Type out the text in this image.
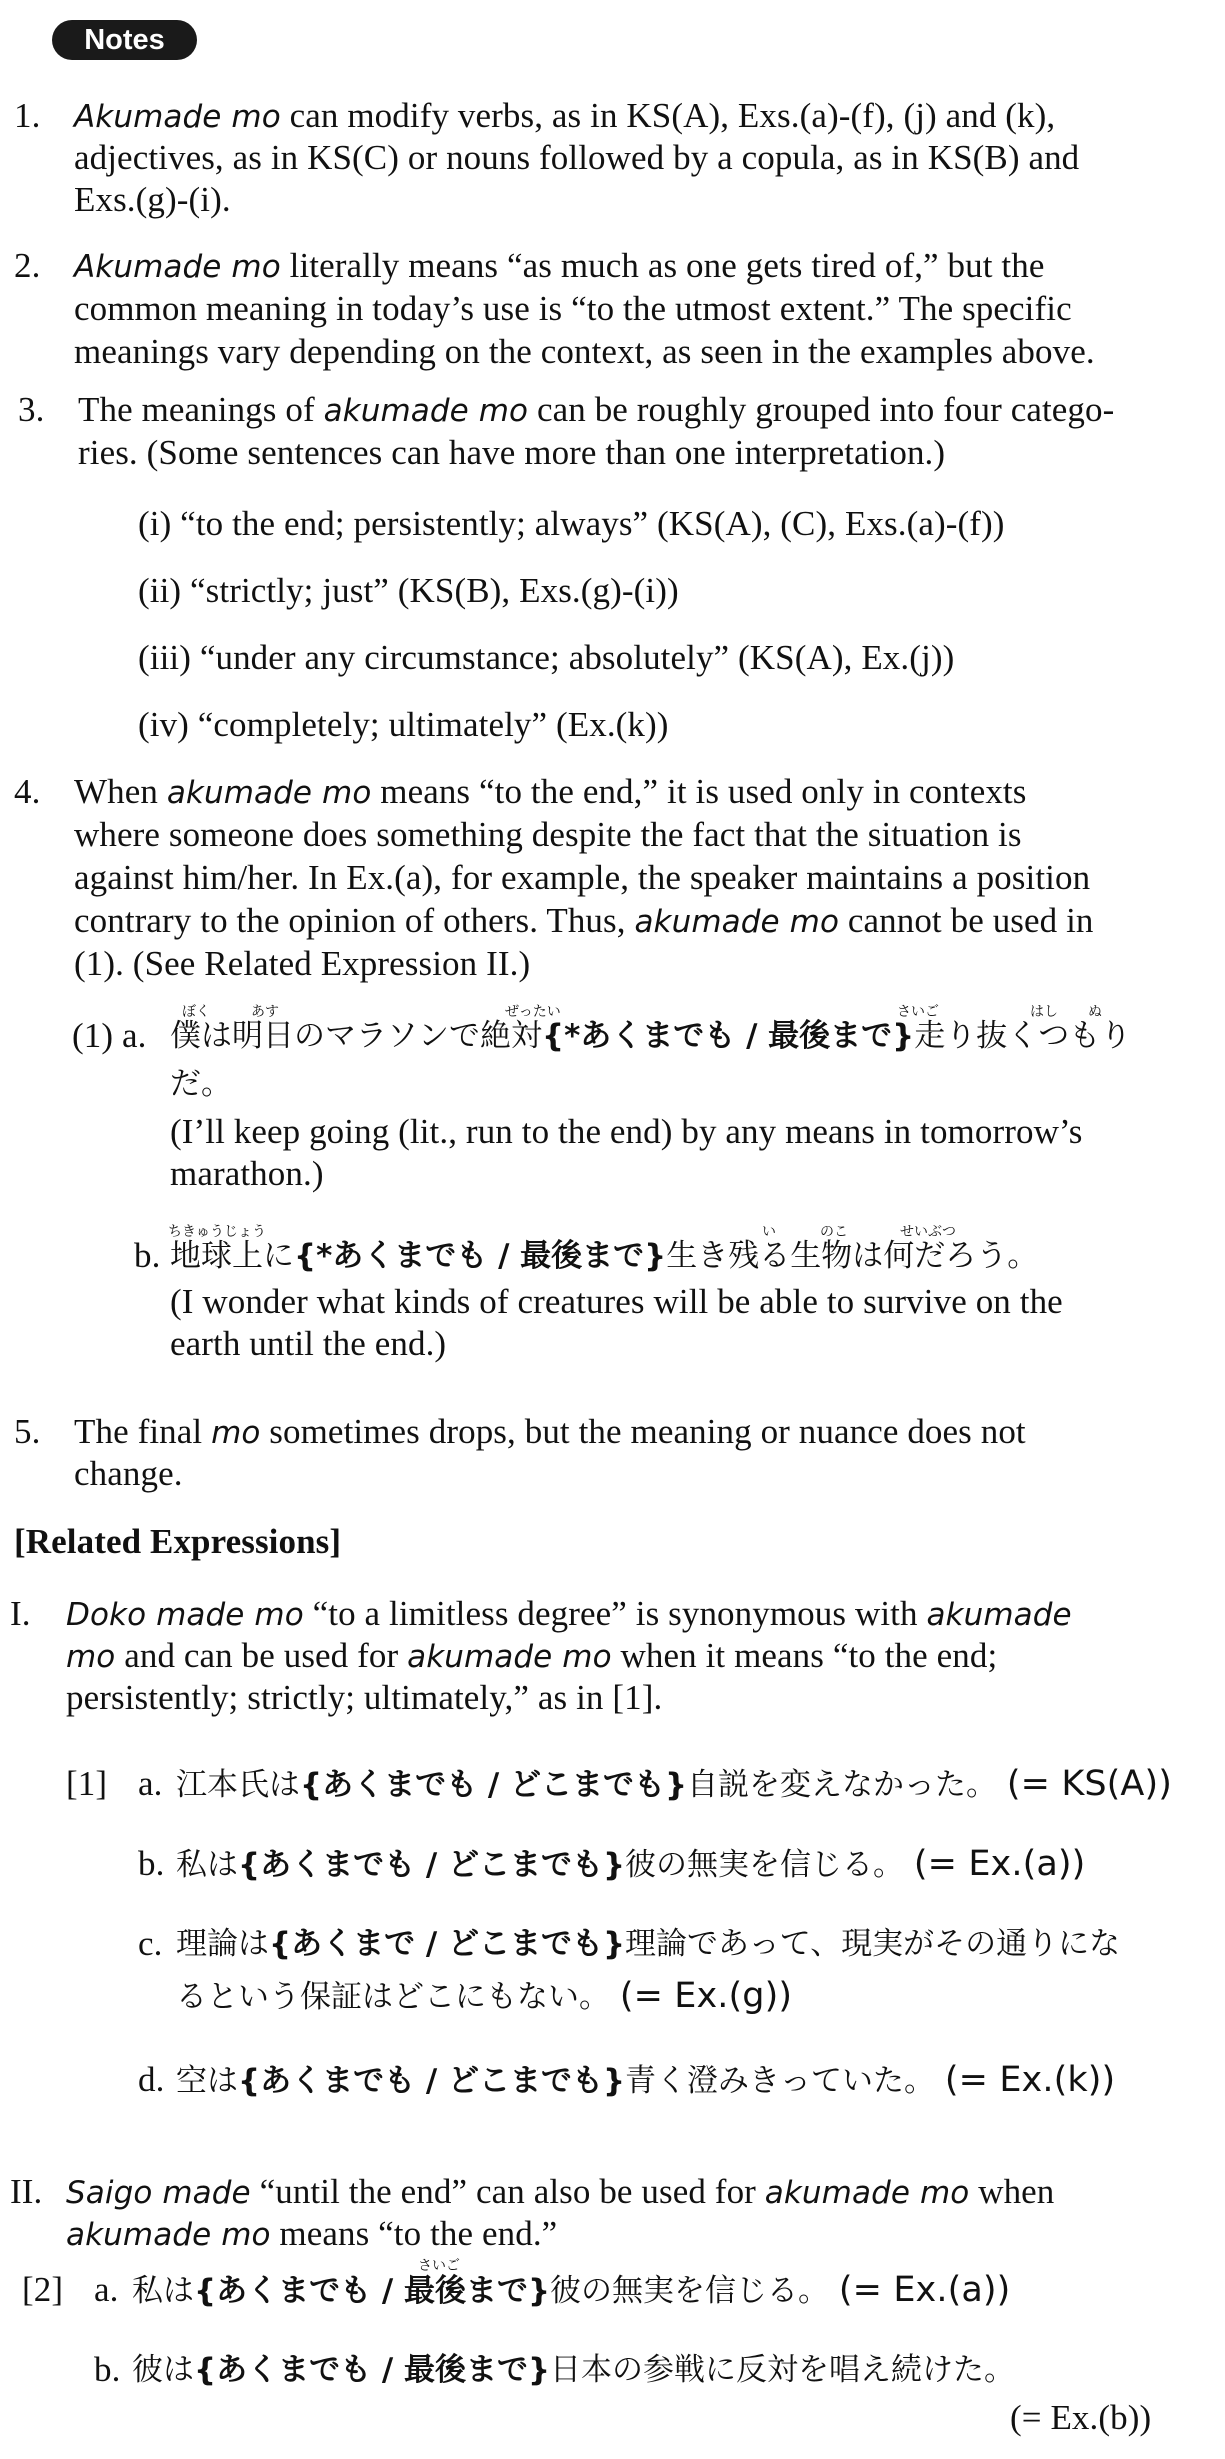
Notes
1. Akumade mo can modify verbs, as in KS(A), Exs.(a)-(f), (j) and (k),
adjectives, as in KS(C) or nouns followed by a copula, as in KS(B) and
Exs.(g)-(i).
2. Akumade mo literally means “as much as one gets tired of,” but the
common meaning in today’s use is “to the utmost extent.” The specific
meanings vary depending on the context, as seen in the examples above.
3. The meanings of akumade mo can be roughly grouped into four catego-
ries. (Some sentences can have more than one interpretation.)
(i) “to the end; persistently; always” (KS(A), (C), Exs.(a)-(f))
(ii) “strictly; just” (KS(B), Exs.(g)-(i))
(iii) “under any circumstance; absolutely” (KS(A), Ex.(j))
(iv) “completely; ultimately” (Ex.(k))
4. When akumade mo means “to the end,” it is used only in contexts
where someone does something despite the fact that the situation is
against him/her. In Ex.(a), for example, the speaker maintains a position
contrary to the opinion of others. Thus, akumade mo cannot be used in
(1). (See Related Expression II.)
ぼく	あす	ぜったい	さいご	はし ぬ
(1) a. 僕は明日のマラソンで絶対{*あくまでも / 最後まで}走り抜くつもり
だ。
(I’ll keep going (lit., run to the end) by any means in tomorrow’s
marathon.)
ちきゅうじょう	い	のこ	せいぶつ
b. 地球上に{*あくまでも / 最後まで}生き残る生物は何だろう。
(I wonder what kinds of creatures will be able to survive on the
earth until the end.)
5. The final mo sometimes drops, but the meaning or nuance does not
change.
[Related Expressions]
I. Doko made mo “to a limitless degree” is synonymous with akumade
mo and can be used for akumade mo when it means “to the end;
persistently; strictly; ultimately,” as in [1].
[1] a. 江本氏は{あくまでも / どこまでも}自説を変えなかった。 (= KS(A))
b. 私は{あくまでも / どこまでも}彼の無実を信じる。 (= Ex.(a))
c. 理論は{あくまで / どこまでも}理論であって、現実がその通りにな
るという保証はどこにもない。 (= Ex.(g))
d. 空は{あくまでも / どこまでも}青く澄みきっていた。 (= Ex.(k))
II. Saigo made “until the end” can also be used for akumade mo when
akumade mo means “to the end.”
さいご
[2] a. 私は{あくまでも / 最後まで}彼の無実を信じる。 (= Ex.(a))
b. 彼は{あくまでも / 最後まで}日本の参戦に反対を唱え続けた。
(= Ex.(b))
